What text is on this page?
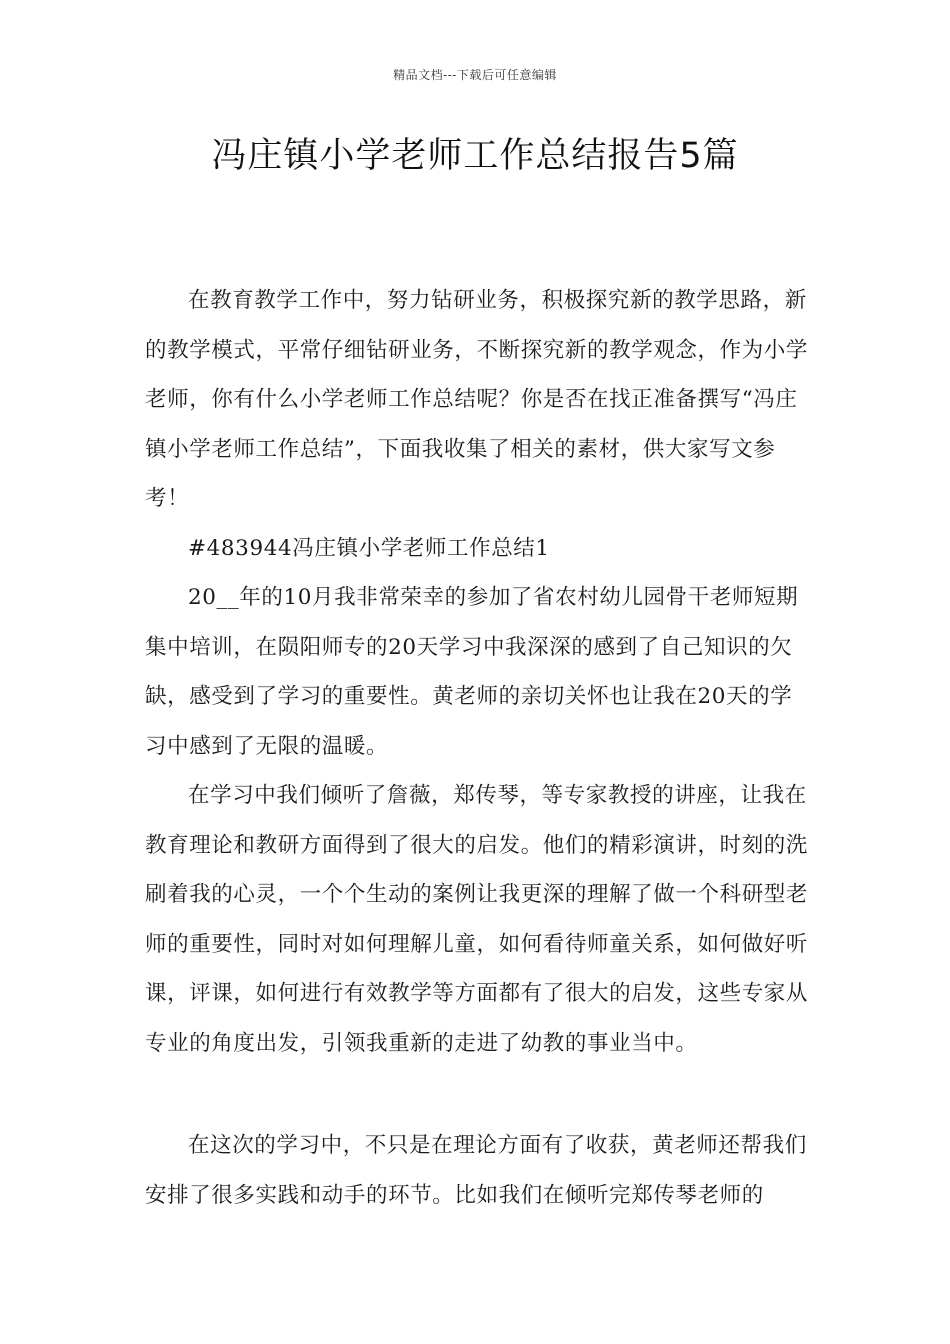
精品文档---下载后可任意编辑
冯庄镇小学老师工作总结报告5篇

在教育教学工作中，努力钻研业务，积极探究新的教学思路，新的教学模式，平常仔细钻研业务，不断探究新的教学观念，作为小学老师，你有什么小学老师工作总结呢？你是否在找正准备撰写“冯庄镇小学老师工作总结”，下面我收集了相关的素材，供大家写文参考！

#483944冯庄镇小学老师工作总结1

20__年的10月我非常荣幸的参加了省农村幼儿园骨干老师短期集中培训，在陨阳师专的20天学习中我深深的感到了自己知识的欠缺，感受到了学习的重要性。黄老师的亲切关怀也让我在20天的学习中感到了无限的温暖。

在学习中我们倾听了詹薇，郑传琴，等专家教授的讲座，让我在教育理论和教研方面得到了很大的启发。他们的精彩演讲，时刻的洗刷着我的心灵，一个个生动的案例让我更深的理解了做一个科研型老师的重要性，同时对如何理解儿童，如何看待师童关系，如何做好听课，评课，如何进行有效教学等方面都有了很大的启发，这些专家从专业的角度出发，引领我重新的走进了幼教的事业当中。

在这次的学习中，不只是在理论方面有了收获，黄老师还帮我们安排了很多实践和动手的环节。比如我们在倾听完郑传琴老师的
